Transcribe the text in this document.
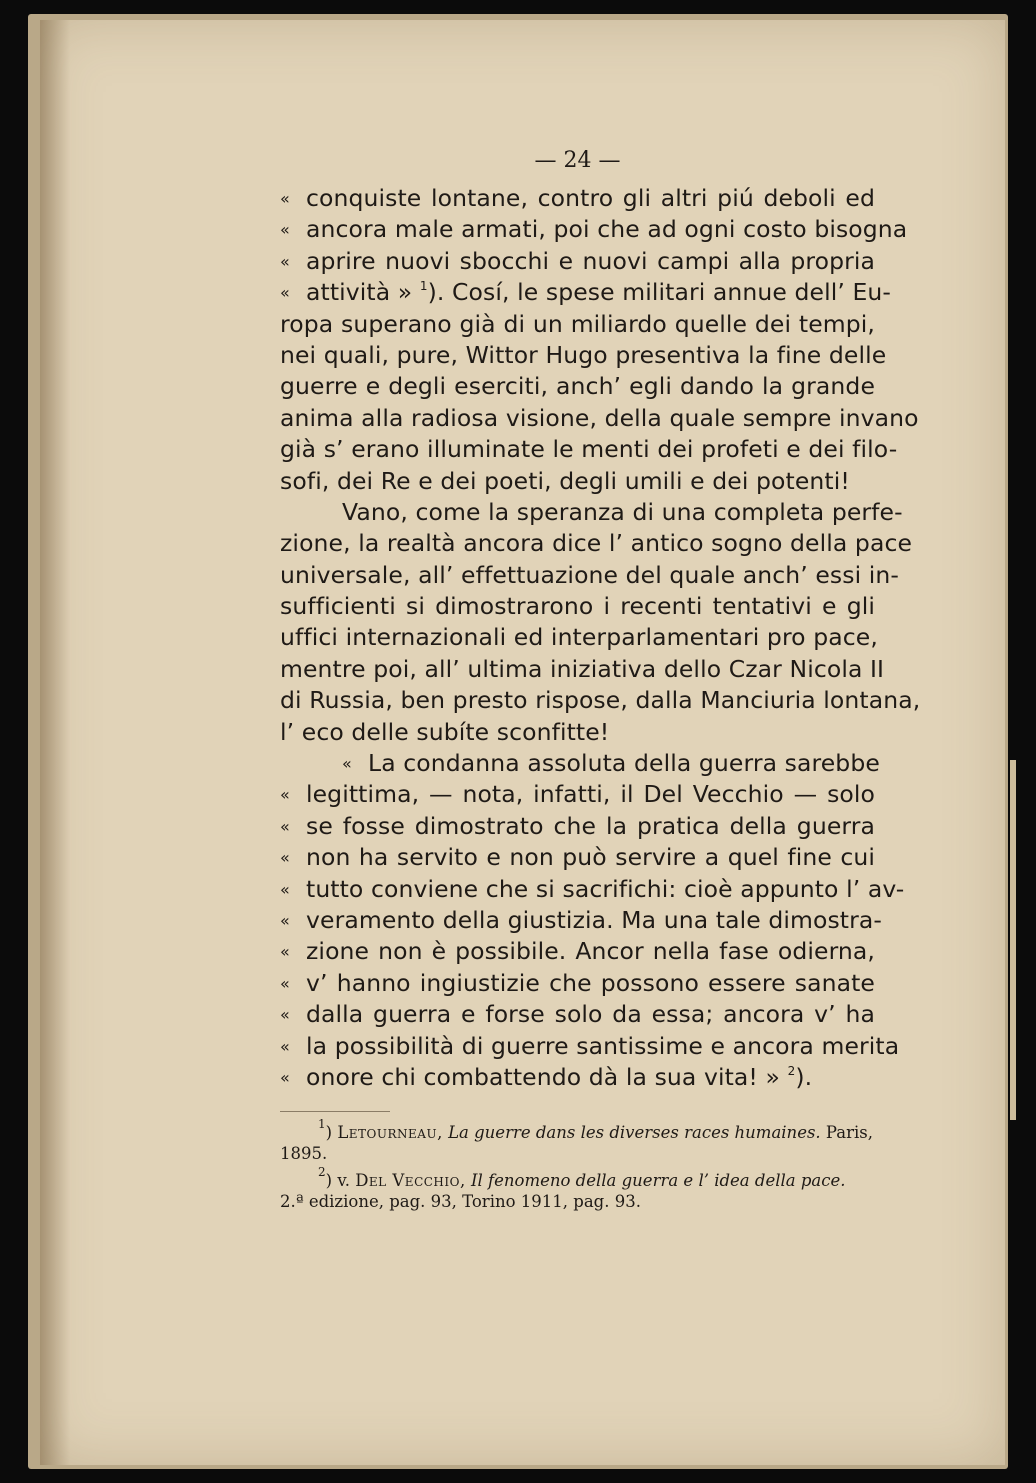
— 24 —
« conquiste lontane, contro gli altri piú deboli ed
« ancora male armati, poi che ad ogni costo bisogna
« aprire nuovi sbocchi e nuovi campi alla propria
« attività » $^1$). Cosí, le spese militari annue dell’ Eu-
ropa superano già di un miliardo quelle dei tempi,
nei quali, pure, Wittor Hugo presentiva la fine delle
guerre e degli eserciti, anch’ egli dando la grande
anima alla radiosa visione, della quale sempre invano
già s’ erano illuminate le menti dei profeti e dei filo-
sofi, dei Re e dei poeti, degli umili e dei potenti!
Vano, come la speranza di una completa perfe-
zione, la realtà ancora dice l’ antico sogno della pace
universale, all’ effettuazione del quale anch’ essi in-
sufficienti si dimostrarono i recenti tentativi e gli
uffici internazionali ed interparlamentari pro pace,
mentre poi, all’ ultima iniziativa dello Czar Nicola II
di Russia, ben presto rispose, dalla Manciuria lontana,
l’ eco delle subíte sconfitte!
« La condanna assoluta della guerra sarebbe
« legittima, — nota, infatti, il Del Vecchio — solo
« se fosse dimostrato che la pratica della guerra
« non ha servito e non può servire a quel fine cui
« tutto conviene che si sacrifichi: cioè appunto l’ av-
« veramento della giustizia. Ma una tale dimostra-
« zione non è possibile. Ancor nella fase odierna,
« v’ hanno ingiustizie che possono essere sanate
« dalla guerra e forse solo da essa; ancora v’ ha
« la possibilità di guerre santissime e ancora merita
« onore chi combattendo dà la sua vita! » $^2$).
$^1$) Letourneau, La guerre dans les diverses races humaines. Paris,
1895.
$^2$) v. Del Vecchio, Il fenomeno della guerra e l’ idea della pace.
2.ª edizione, pag. 93, Torino 1911, pag. 93.
